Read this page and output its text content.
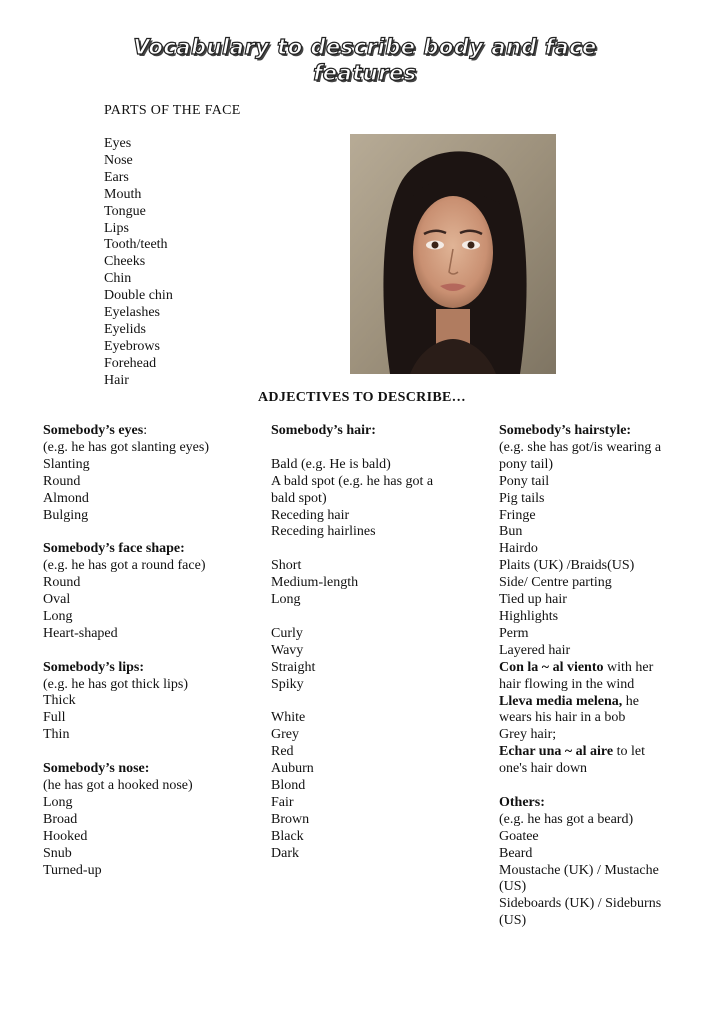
Vocabulary to describe body and face
features
PARTS OF THE FACE
Eyes
Nose
Ears
Mouth
Tongue
Lips
Tooth/teeth
Cheeks
Chin
Double chin
Eyelashes
Eyelids
Eyebrows
Forehead
Hair
ADJECTIVES TO DESCRIBE…
Somebody’s eyes:
(e.g. he has got slanting eyes)
Slanting
Round
Almond
Bulging
Somebody’s face shape:
(e.g. he has got a round face)
Round
Oval
Long
Heart-shaped
Somebody’s lips:
(e.g. he has got thick lips)
Thick
Full
Thin
Somebody’s nose:
(he has got a hooked nose)
Long
Broad
Hooked
Snub
Turned-up
Somebody’s hair:
Bald (e.g. He is bald)
A bald spot (e.g. he has got a
bald spot)
Receding hair
Receding hairlines
Short
Medium-length
Long
Curly
Wavy
Straight
Spiky
White
Grey
Red
Auburn
Blond
Fair
Brown
Black
Dark
Somebody’s hairstyle:
(e.g. she has got/is wearing a
pony tail)
Pony tail
Pig tails
Fringe
Bun
Hairdo
Plaits (UK) /Braids(US)
Side/ Centre parting
Tied up hair
Highlights
Perm
Layered hair
Con la ~ al viento with her
hair flowing in the wind
Lleva media melena, he
wears his hair in a bob
Grey hair;
Echar una ~ al aire to let
one's hair down
Others:
(e.g. he has got a beard)
Goatee
Beard
Moustache (UK) / Mustache
(US)
Sideboards (UK) / Sideburns
(US)
